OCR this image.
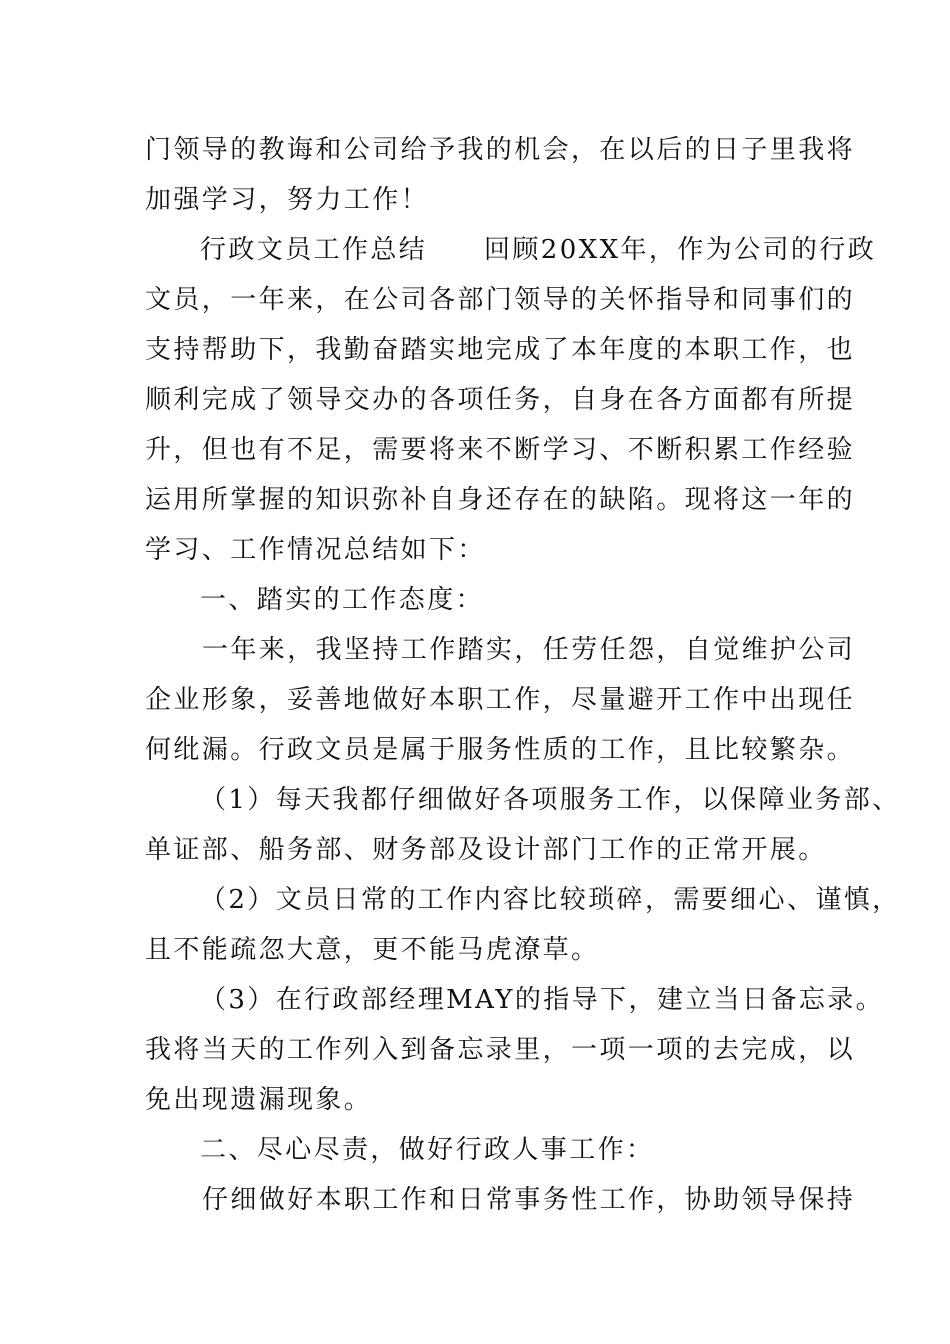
门领导的教诲和公司给予我的机会，在以后的日子里我将
加强学习，努力工作！
行政文员工作总结　　回顾20XX年，作为公司的行政
文员，一年来，在公司各部门领导的关怀指导和同事们的
支持帮助下，我勤奋踏实地完成了本年度的本职工作，也
顺利完成了领导交办的各项任务，自身在各方面都有所提
升，但也有不足，需要将来不断学习、不断积累工作经验
运用所掌握的知识弥补自身还存在的缺陷。现将这一年的
学习、工作情况总结如下：
一、踏实的工作态度：
一年来，我坚持工作踏实，任劳任怨，自觉维护公司
企业形象，妥善地做好本职工作，尽量避开工作中出现任
何纰漏。行政文员是属于服务性质的工作，且比较繁杂。
（1）每天我都仔细做好各项服务工作，以保障业务部、
单证部、船务部、财务部及设计部门工作的正常开展。
（2）文员日常的工作内容比较琐碎，需要细心、谨慎，
且不能疏忽大意，更不能马虎潦草。
（3）在行政部经理MAY的指导下，建立当日备忘录。
我将当天的工作列入到备忘录里，一项一项的去完成，以
免出现遗漏现象。
二、尽心尽责，做好行政人事工作：
仔细做好本职工作和日常事务性工作，协助领导保持
